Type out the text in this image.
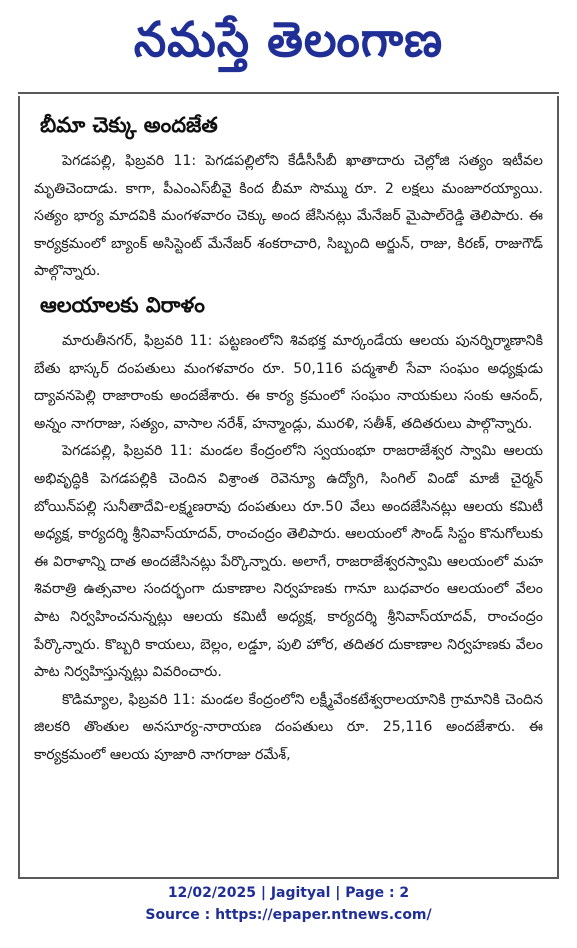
నమస్తే తెలంగాణ
బీమా చెక్కు అందజేత

పెగడపల్లి, ఫిబ్రవరి 11: పెగడపల్లిలోని కేడీసీసీబీ ఖాతాదారు చెల్లోజి సత్యం ఇటీవల మృతిచెందాడు. కాగా, పీఎంఎస్‌బీవై కింద బీమా సొమ్ము రూ. 2 లక్షలు మంజూరయ్యాయి. సత్యం భార్య మాదవికి మంగళవారం చెక్కు అంద జేసినట్లు మేనేజర్ మైపాల్‌రెడ్డి తెలిపారు. ఈ కార్యక్రమంలో బ్యాంక్ అసిస్టెంట్ మేనేజర్ శంకరాచారి, సిబ్బంది అర్జున్, రాజు, కిరణ్, రాజుగౌడ్ పాల్గొన్నారు.

ఆలయాలకు విరాళం

మారుతీనగర్, ఫిబ్రవరి 11: పట్టణంలోని శివభక్త మార్కండేయ ఆలయ పునర్నిర్మాణానికి బేతు భాస్కర్ దంపతులు మంగళవారం రూ. 50,116 పద్మశాలీ సేవా సంఘం అధ్యక్షుడు ద్యావనపెల్లి రాజారాంకు అందజేశారు. ఈ కార్య క్రమంలో సంఘం నాయకులు సంకు ఆనంద్, అన్నం నాగరాజు, సత్యం, వాసాల నరేశ్, హన్మాండ్లు, మురళి, సతీశ్, తదితరులు పాల్గొన్నారు.

పెగడపల్లి, ఫిబ్రవరి 11: మండల కేంద్రంలోని స్వయంభూ రాజరాజేశ్వర స్వామి ఆలయ అభివృద్ధికి పెగడపల్లికి చెందిన విశ్రాంత రెవెన్యూ ఉద్యోగి, సింగిల్ విండో మాజీ చైర్మన్ బోయిన్‌పల్లి సునీతాదేవి-లక్ష్మణరావు దంపతులు రూ.50 వేలు అందజేసినట్లు ఆలయ కమిటీ అధ్యక్ష, కార్యదర్శి శ్రీనివాస్‌యాదవ్, రాంచంద్రం తెలిపారు. ఆలయంలో సౌండ్ సిస్టం కొనుగోలుకు ఈ విరాళాన్ని దాత అందజేసినట్లు పేర్కొన్నారు. అలాగే, రాజరాజేశ్వరస్వామి ఆలయంలో మహ శివరాత్రి ఉత్సవాల సందర్భంగా దుకాణాల నిర్వహణకు గానూ బుధవారం ఆలయంలో వేలం పాట నిర్వహించనున్నట్లు ఆలయ కమిటీ అధ్యక్ష, కార్యదర్శి శ్రీనివాస్‌యాదవ్, రాంచంద్రం పేర్కొన్నారు. కొబ్బరి కాయలు, బెల్లం, లడ్డూ, పులి హోర, తదితర దుకాణాల నిర్వహణకు వేలం పాట నిర్వహిస్తున్నట్లు వివరించారు.

కొడిమ్యాల, ఫిబ్రవరి 11: మండల కేంద్రంలోని లక్ష్మీవేంకటేశ్వరాలయానికి గ్రామానికి చెందిన జిలకరి తొంతుల అనసూర్య-నారాయణ దంపతులు రూ. 25,116 అందజేశారు. ఈ కార్యక్రమంలో ఆలయ పూజారి నాగరాజు రమేశ్,

12/02/2025 | Jagityal | Page : 2
Source : https://epaper.ntnews.com/
